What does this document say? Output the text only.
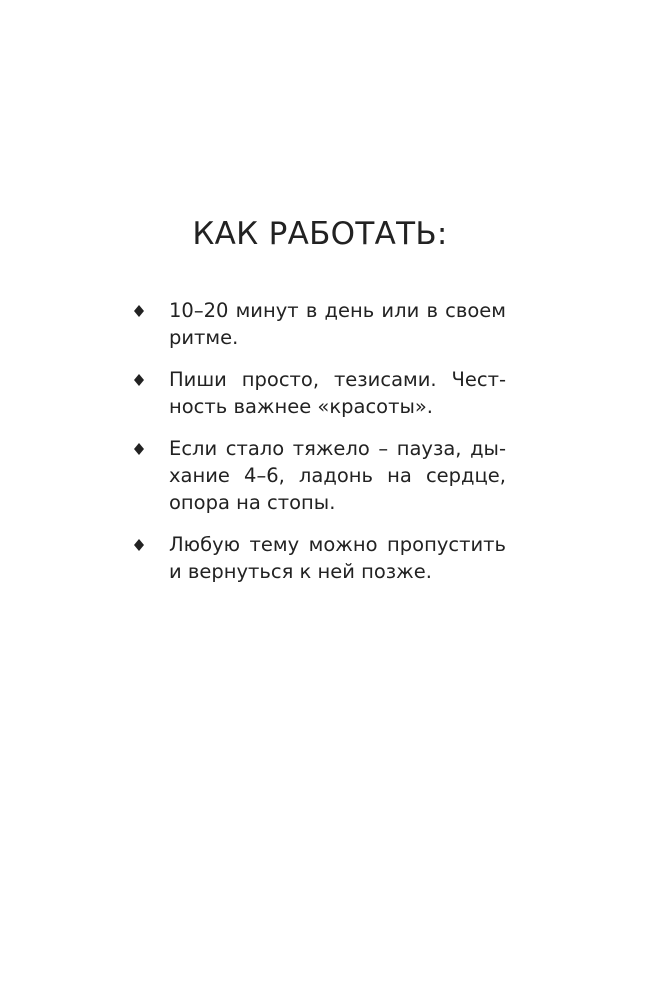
КАК РАБОТАТЬ:
10–20 минут в день или в своем
ритме.
Пиши просто, тезисами. Чест-
ность важнее «красоты».
Если стало тяжело – пауза, ды-
хание 4–6, ладонь на сердце,
опора на стопы.
Любую тему можно пропустить
и вернуться к ней позже.
